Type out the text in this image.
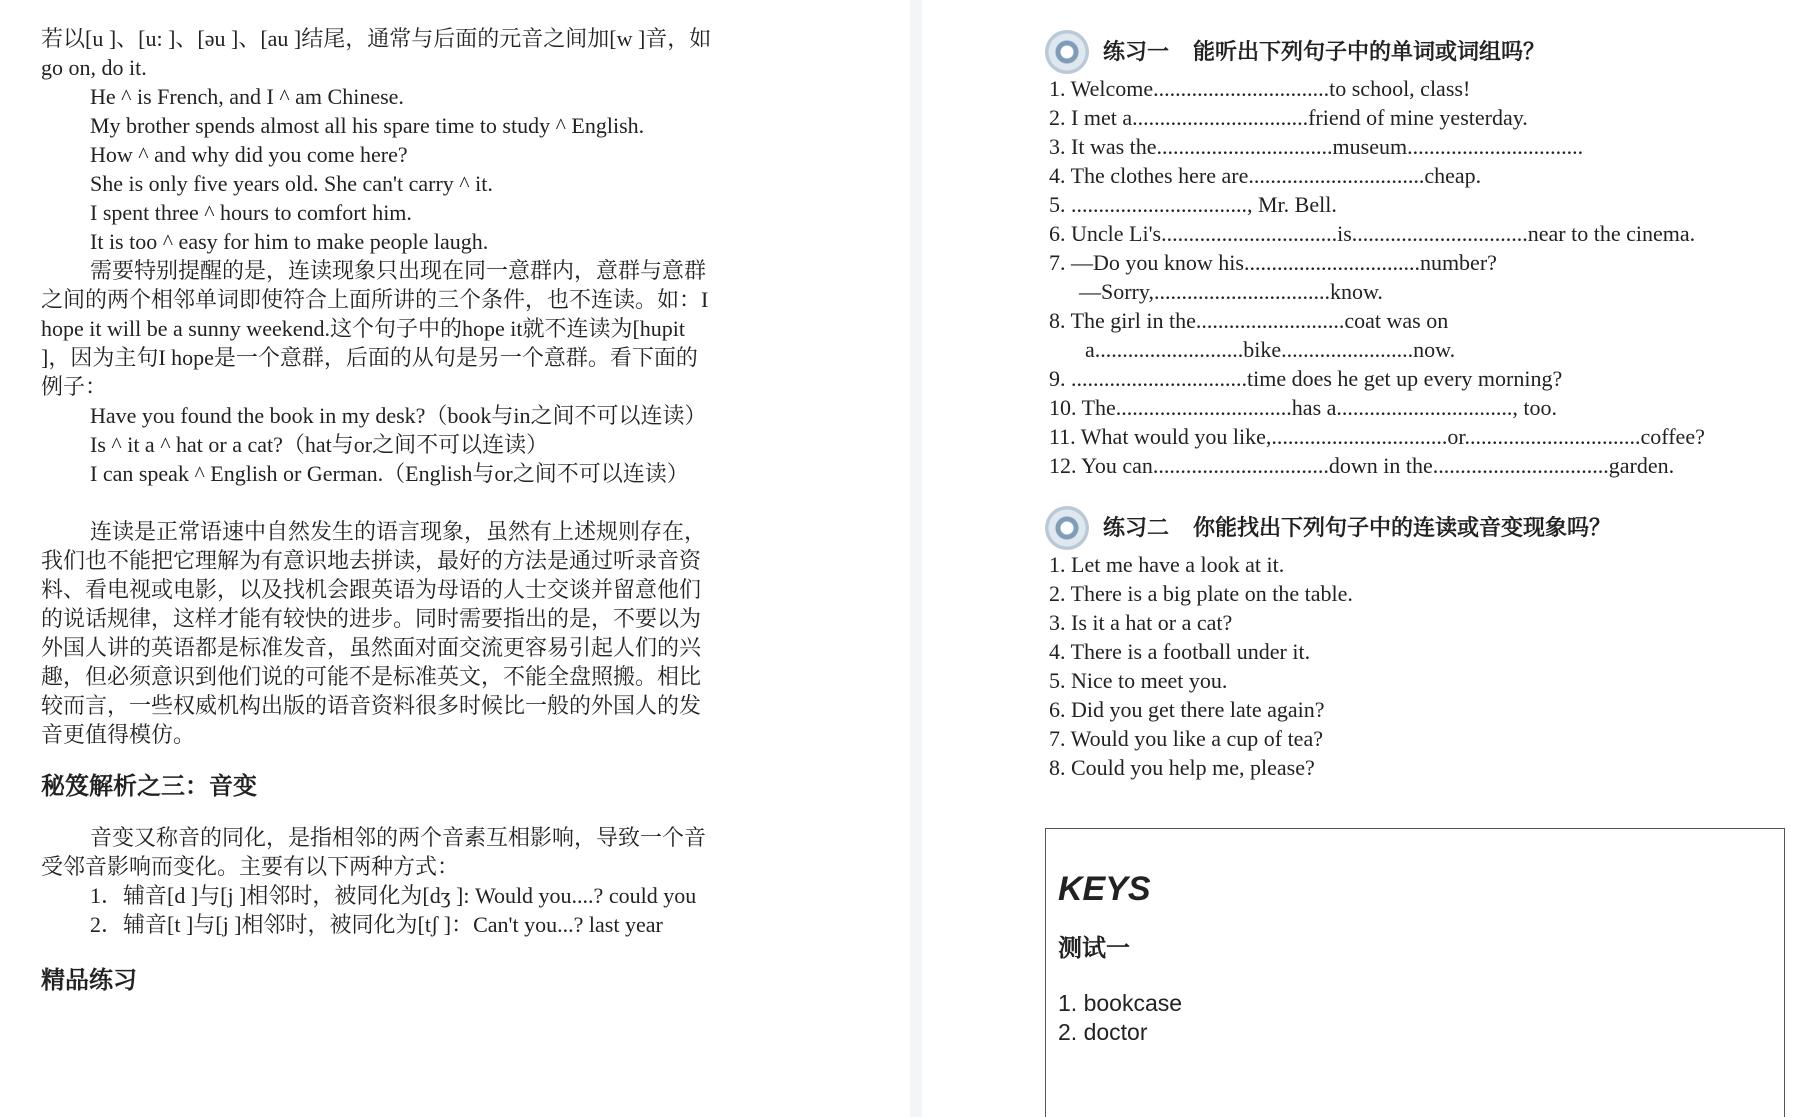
若以[u ]、[u: ]、[əu ]、[au ]结尾，通常与后面的元音之间加[w ]音，如
go on, do it.
He ^ is French, and I ^ am Chinese.
My brother spends almost all his spare time to study ^ English.
How ^ and why did you come here?
She is only five years old. She can't carry ^ it.
I spent three ^ hours to comfort him.
It is too ^ easy for him to make people laugh.
需要特别提醒的是，连读现象只出现在同一意群内，意群与意群
之间的两个相邻单词即使符合上面所讲的三个条件，也不连读。如：I
hope it will be a sunny weekend.这个句子中的hope it就不连读为[hupit
]，因为主句I hope是一个意群，后面的从句是另一个意群。看下面的
例子：
Have you found the book in my desk?（book与in之间不可以连读）
Is ^ it a ^ hat or a cat?（hat与or之间不可以连读）
I can speak ^ English or German.（English与or之间不可以连读）
连读是正常语速中自然发生的语言现象，虽然有上述规则存在，
我们也不能把它理解为有意识地去拼读，最好的方法是通过听录音资
料、看电视或电影，以及找机会跟英语为母语的人士交谈并留意他们
的说话规律，这样才能有较快的进步。同时需要指出的是，不要以为
外国人讲的英语都是标准发音，虽然面对面交流更容易引起人们的兴
趣，但必须意识到他们说的可能不是标准英文，不能全盘照搬。相比
较而言，一些权威机构出版的语音资料很多时候比一般的外国人的发
音更值得模仿。
秘笈解析之三：音变
音变又称音的同化，是指相邻的两个音素互相影响，导致一个音
受邻音影响而变化。主要有以下两种方式：
1．辅音[d ]与[j ]相邻时，被同化为[dʒ ]: Would you....? could you
2．辅音[t ]与[j ]相邻时，被同化为[tʃ ]：Can't you...? last year
精品练习
练习一 能听出下列句子中的单词或词组吗？
1. Welcome................................to school, class!
2. I met a................................friend of mine yesterday.
3. It was the................................museum................................
4. The clothes here are................................cheap.
5. ................................, Mr. Bell.
6. Uncle Li's................................is................................near to the cinema.
7. —Do you know his................................number?
—Sorry,................................know.
8. The girl in the...........................coat was on
a...........................bike........................now.
9. ................................time does he get up every morning?
10. The................................has a................................, too.
11. What would you like,................................or................................coffee?
12. You can................................down in the................................garden.
练习二 你能找出下列句子中的连读或音变现象吗？
1. Let me have a look at it.
2. There is a big plate on the table.
3. Is it a hat or a cat?
4. There is a football under it.
5. Nice to meet you.
6. Did you get there late again?
7. Would you like a cup of tea?
8. Could you help me, please?
KEYS
测试一
1. bookcase
2. doctor
